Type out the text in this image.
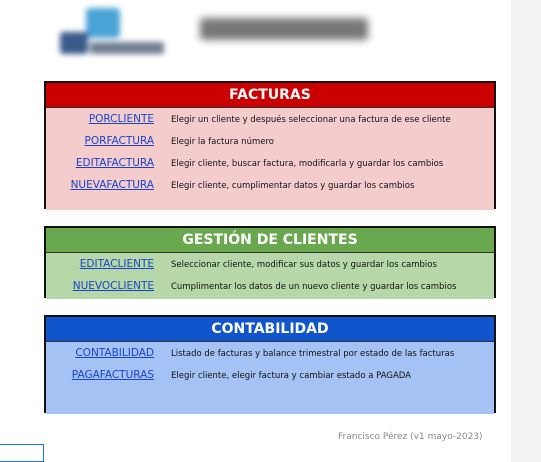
FACTURAS
PORCLIENTE Elegir un cliente y después seleccionar una factura de ese cliente
PORFACTURA Elegir la factura número
EDITAFACTURA Elegir cliente, buscar factura, modificarla y guardar los cambios
NUEVAFACTURA Elegir cliente, cumplimentar datos y guardar los cambios
GESTIÓN DE CLIENTES
EDITACLIENTE Seleccionar cliente, modificar sus datos y guardar los cambios
NUEVOCLIENTE Cumplimentar los datos de un nuevo cliente y guardar los cambios
CONTABILIDAD
CONTABILIDAD Listado de facturas y balance trimestral por estado de las facturas
PAGAFACTURAS Elegir cliente, elegir factura y cambiar estado a PAGADA
Francisco Pérez (v1 mayo-2023)
